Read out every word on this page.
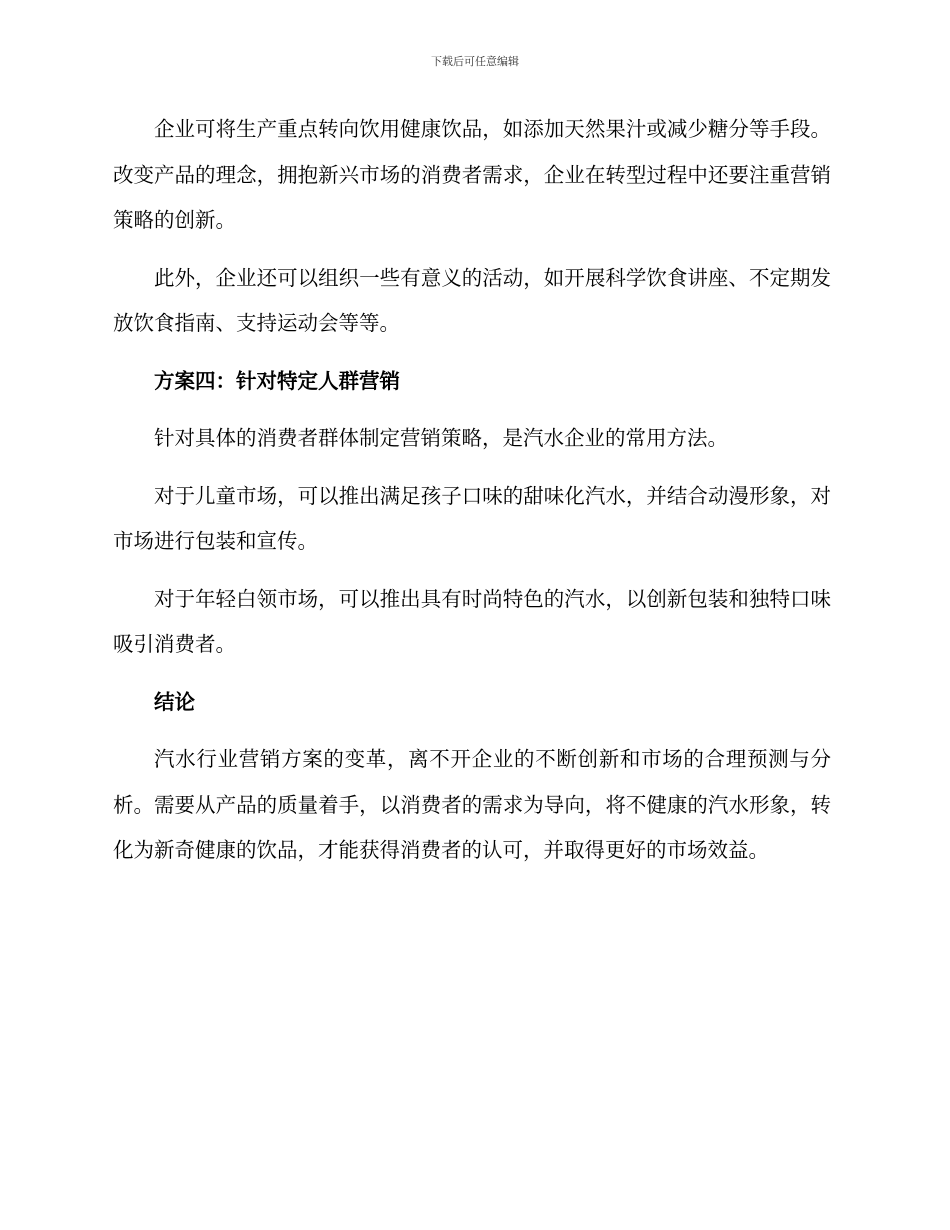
下载后可任意编辑

企业可将生产重点转向饮用健康饮品，如添加天然果汁或减少糖分等手段。改变产品的理念，拥抱新兴市场的消费者需求，企业在转型过程中还要注重营销策略的创新。

此外，企业还可以组织一些有意义的活动，如开展科学饮食讲座、不定期发放饮食指南、支持运动会等等。

方案四：针对特定人群营销

针对具体的消费者群体制定营销策略，是汽水企业的常用方法。

对于儿童市场，可以推出满足孩子口味的甜味化汽水，并结合动漫形象，对市场进行包装和宣传。

对于年轻白领市场，可以推出具有时尚特色的汽水，以创新包装和独特口味吸引消费者。

结论

汽水行业营销方案的变革，离不开企业的不断创新和市场的合理预测与分析。需要从产品的质量着手，以消费者的需求为导向，将不健康的汽水形象，转化为新奇健康的饮品，才能获得消费者的认可，并取得更好的市场效益。
